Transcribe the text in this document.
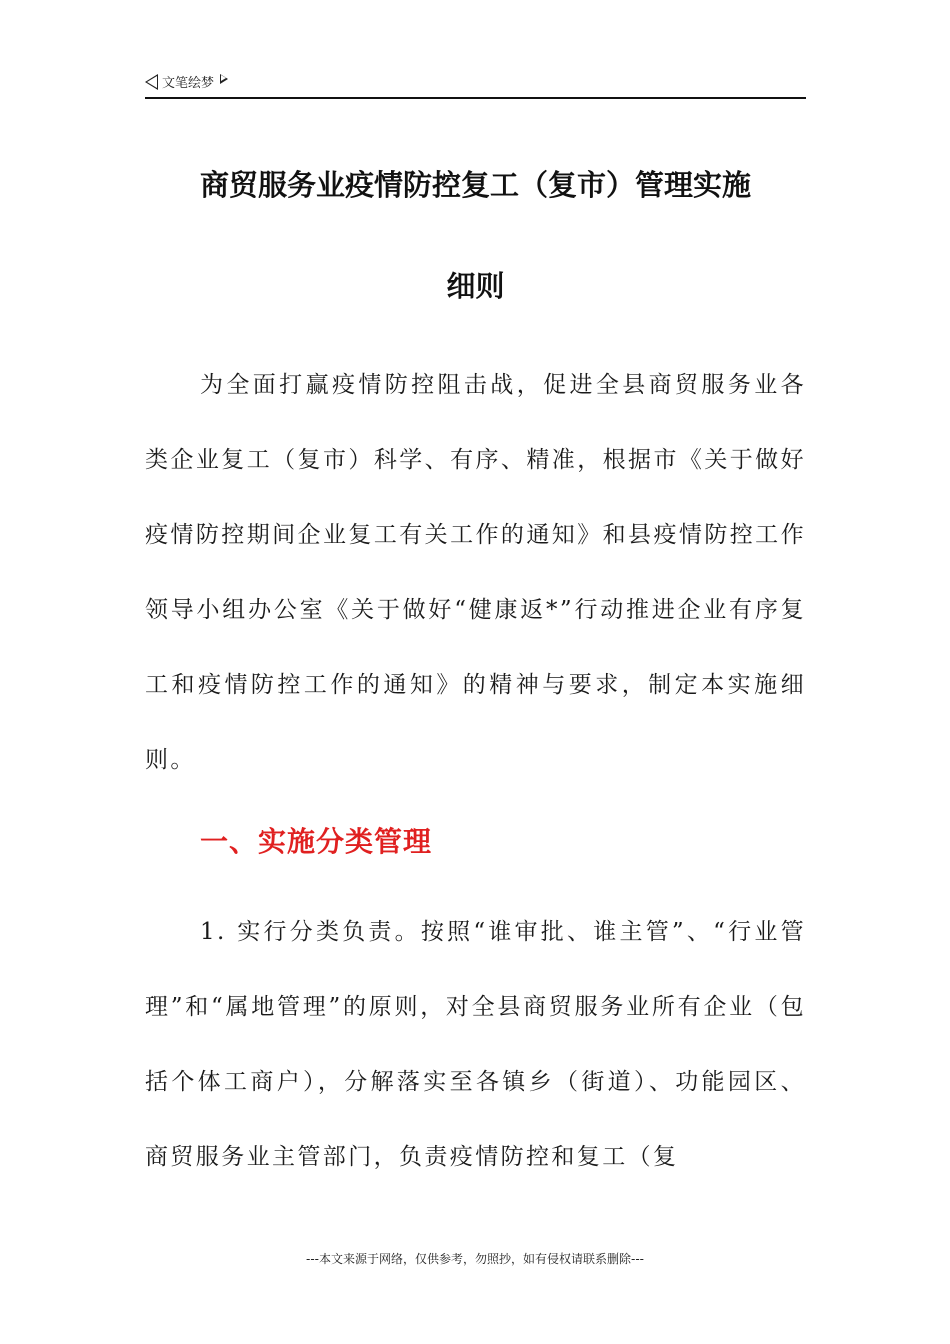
文笔绘梦
商贸服务业疫情防控复工（复市）管理实施
细则
为全面打赢疫情防控阻击战，促进全县商贸服务业各类企业复工（复市）科学、有序、精准，根据市《关于做好疫情防控期间企业复工有关工作的通知》和县疫情防控工作领导小组办公室《关于做好“健康返*”行动推进企业有序复工和疫情防控工作的通知》的精神与要求，制定本实施细则。
一、实施分类管理
1. 实行分类负责。按照“谁审批、谁主管”、“行业管理”和“属地管理”的原则，对全县商贸服务业所有企业（包括个体工商户），分解落实至各镇乡（街道）、功能园区、商贸服务业主管部门，负责疫情防控和复工（复
---本文来源于网络，仅供参考，勿照抄，如有侵权请联系删除---
